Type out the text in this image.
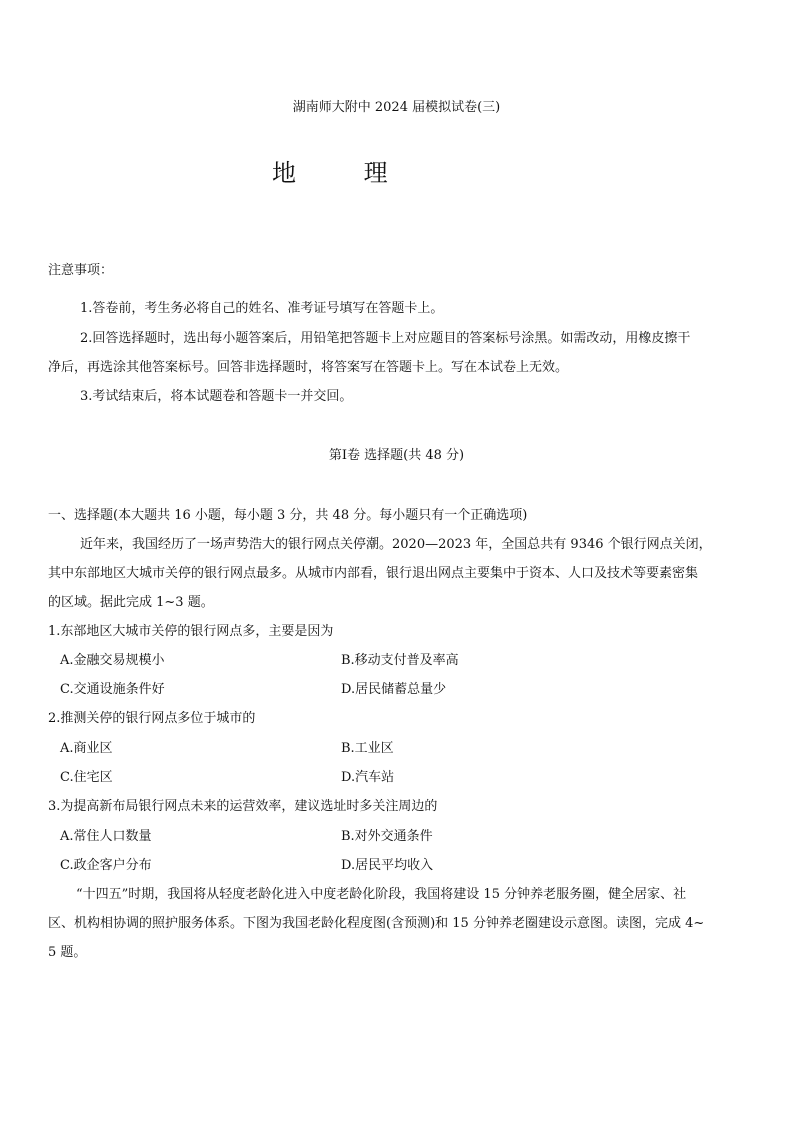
湖南师大附中 2024 届模拟试卷(三)
地 理
注意事项：
1.答卷前，考生务必将自己的姓名、准考证号填写在答题卡上。
2.回答选择题时，选出每小题答案后，用铅笔把答题卡上对应题目的答案标号涂黑。如需改动，用橡皮擦干
净后，再选涂其他答案标号。回答非选择题时，将答案写在答题卡上。写在本试卷上无效。
3.考试结束后，将本试题卷和答题卡一并交回。
第Ⅰ卷 选择题(共 48 分)
一、选择题(本大题共 16 小题，每小题 3 分，共 48 分。每小题只有一个正确选项)
近年来，我国经历了一场声势浩大的银行网点关停潮。2020—2023 年，全国总共有 9346 个银行网点关闭，
其中东部地区大城市关停的银行网点最多。从城市内部看，银行退出网点主要集中于资本、人口及技术等要素密集
的区域。据此完成 1~3 题。
1.东部地区大城市关停的银行网点多，主要是因为
A.金融交易规模小	B.移动支付普及率高
C.交通设施条件好	D.居民储蓄总量少
2.推测关停的银行网点多位于城市的
A.商业区	B.工业区
C.住宅区	D.汽车站
3.为提高新布局银行网点未来的运营效率，建议选址时多关注周边的
A.常住人口数量	B.对外交通条件
C.政企客户分布	D.居民平均收入
“十四五”时期，我国将从轻度老龄化进入中度老龄化阶段，我国将建设 15 分钟养老服务圈，健全居家、社
区、机构相协调的照护服务体系。下图为我国老龄化程度图(含预测)和 15 分钟养老圈建设示意图。读图，完成 4~
5 题。
